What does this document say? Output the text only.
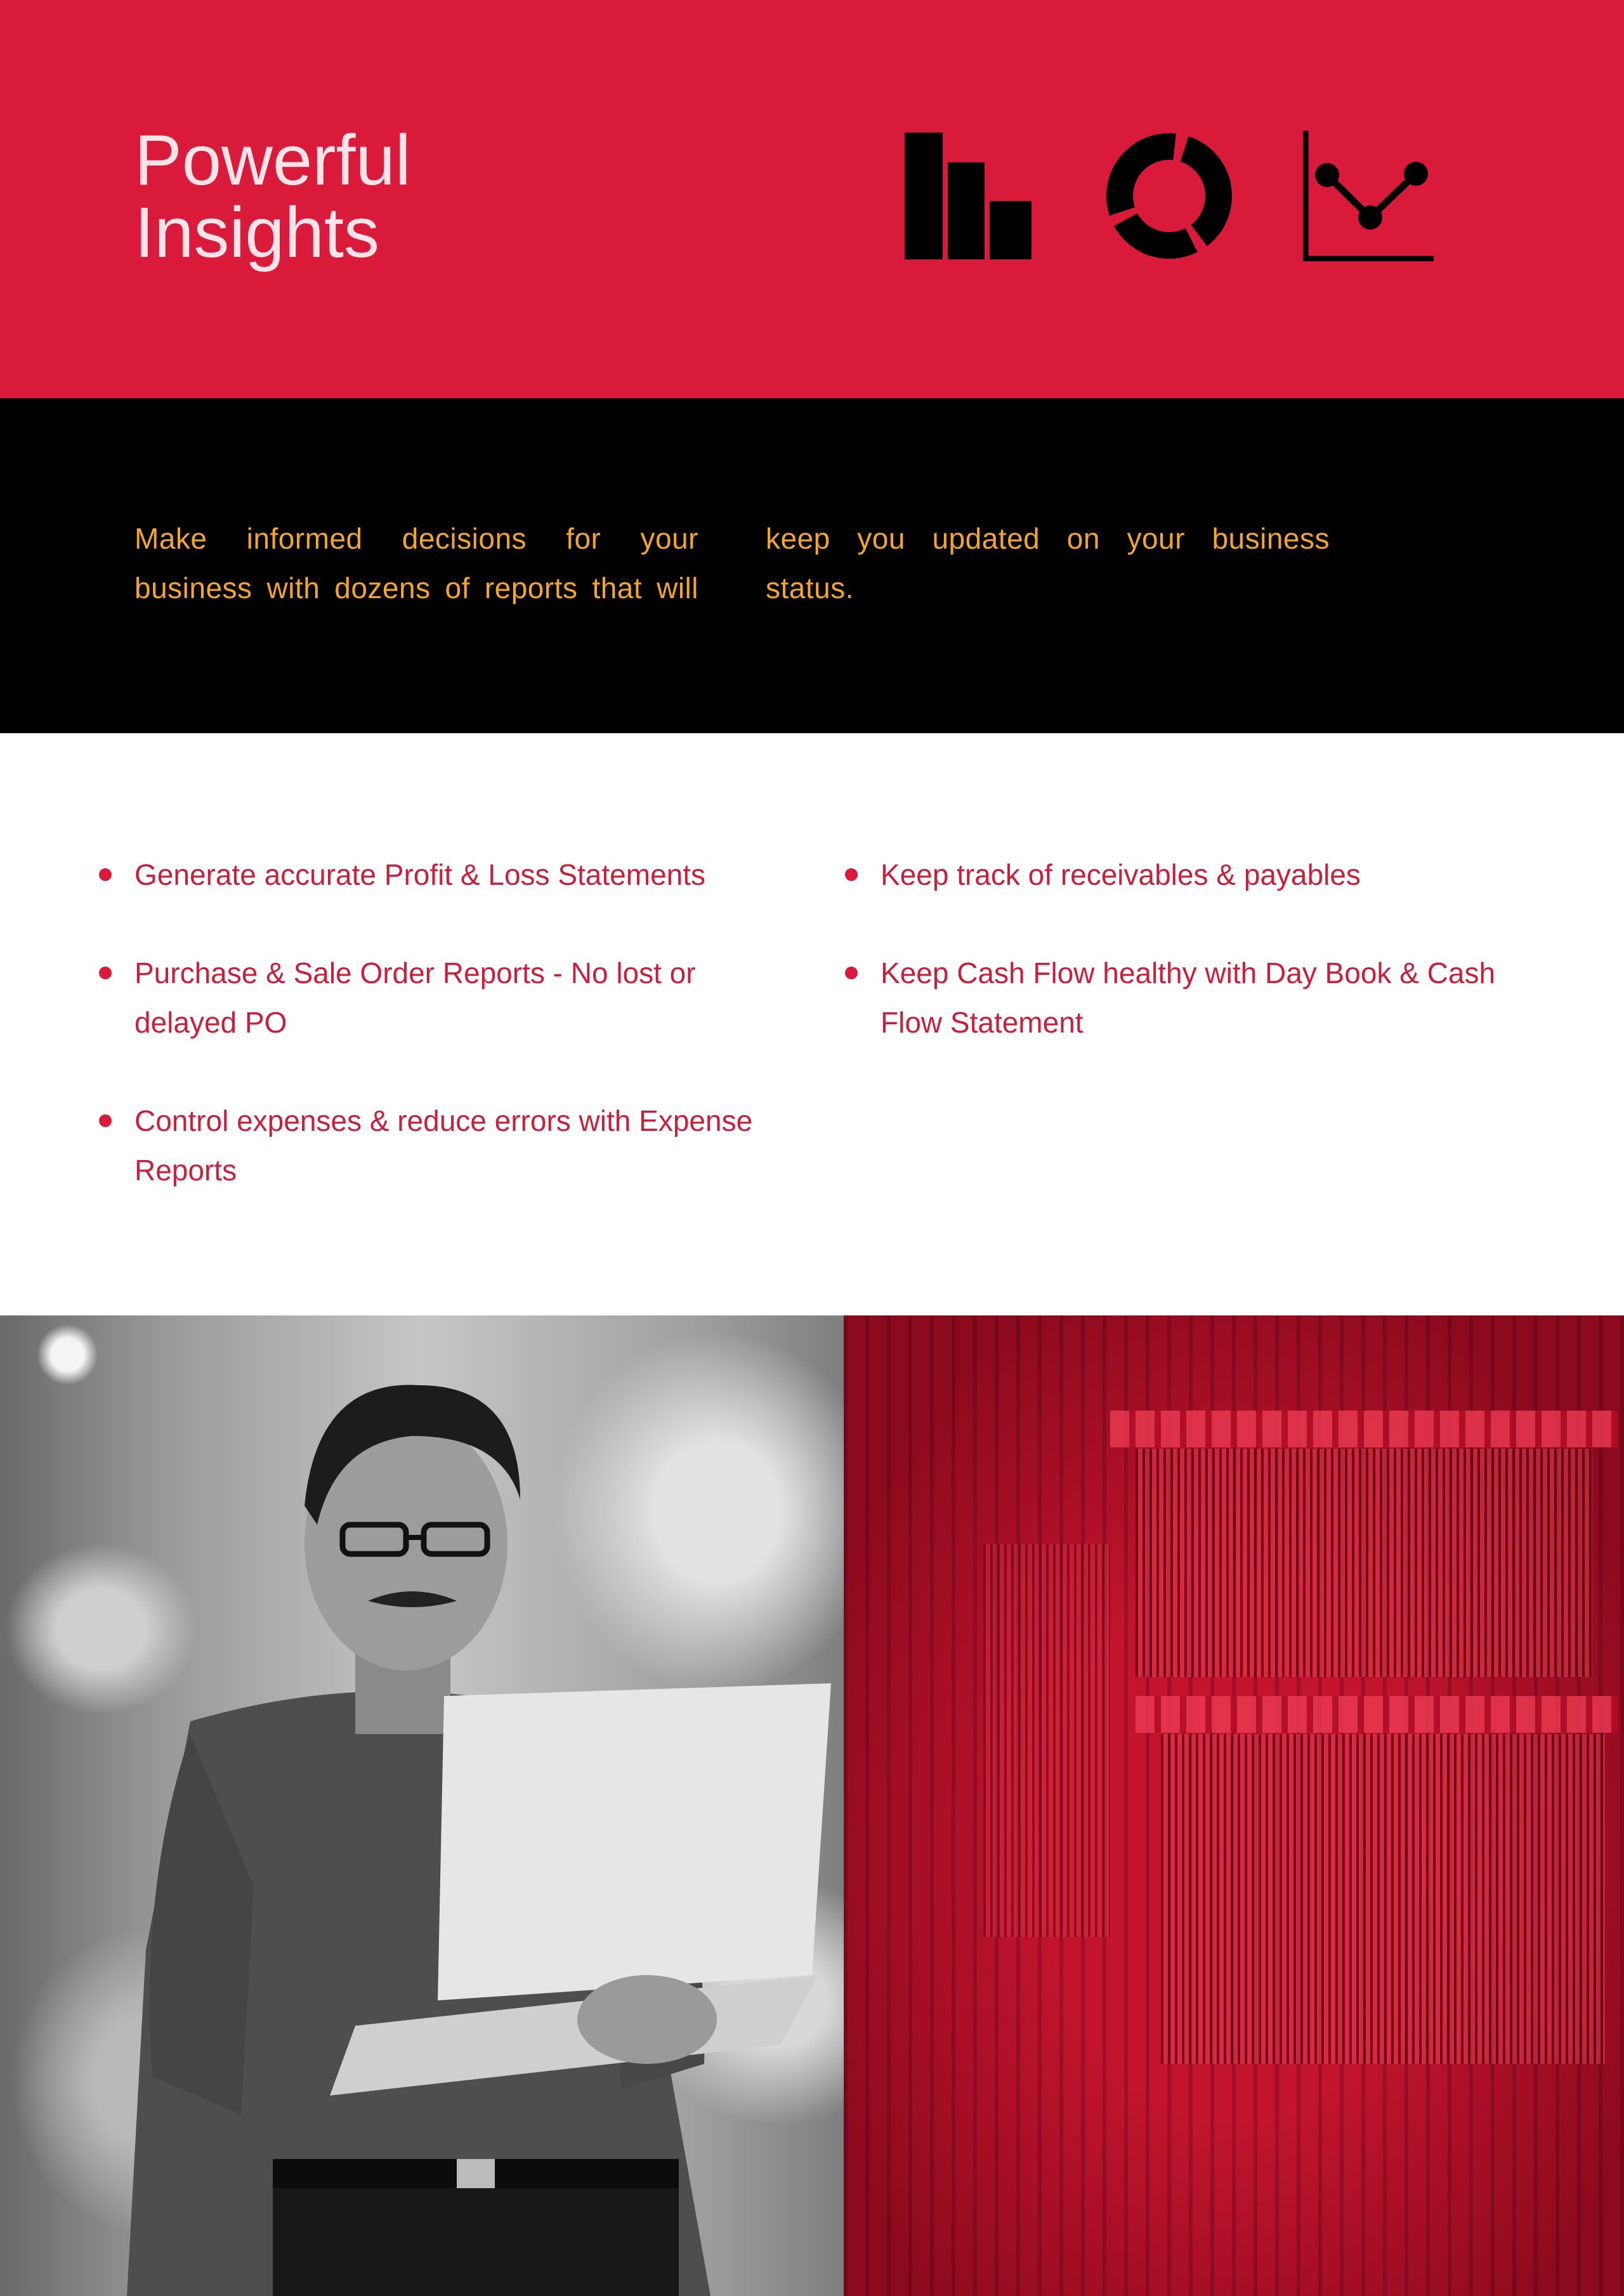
Powerful
Insights

Make informed decisions for your business with dozens of reports that will keep you updated on your business status.

Generate accurate Profit & Loss Statements
Purchase & Sale Order Reports - No lost or delayed PO
Control expenses & reduce errors with Expense Reports
Keep track of receivables & payables
Keep Cash Flow healthy with Day Book & Cash Flow Statement
